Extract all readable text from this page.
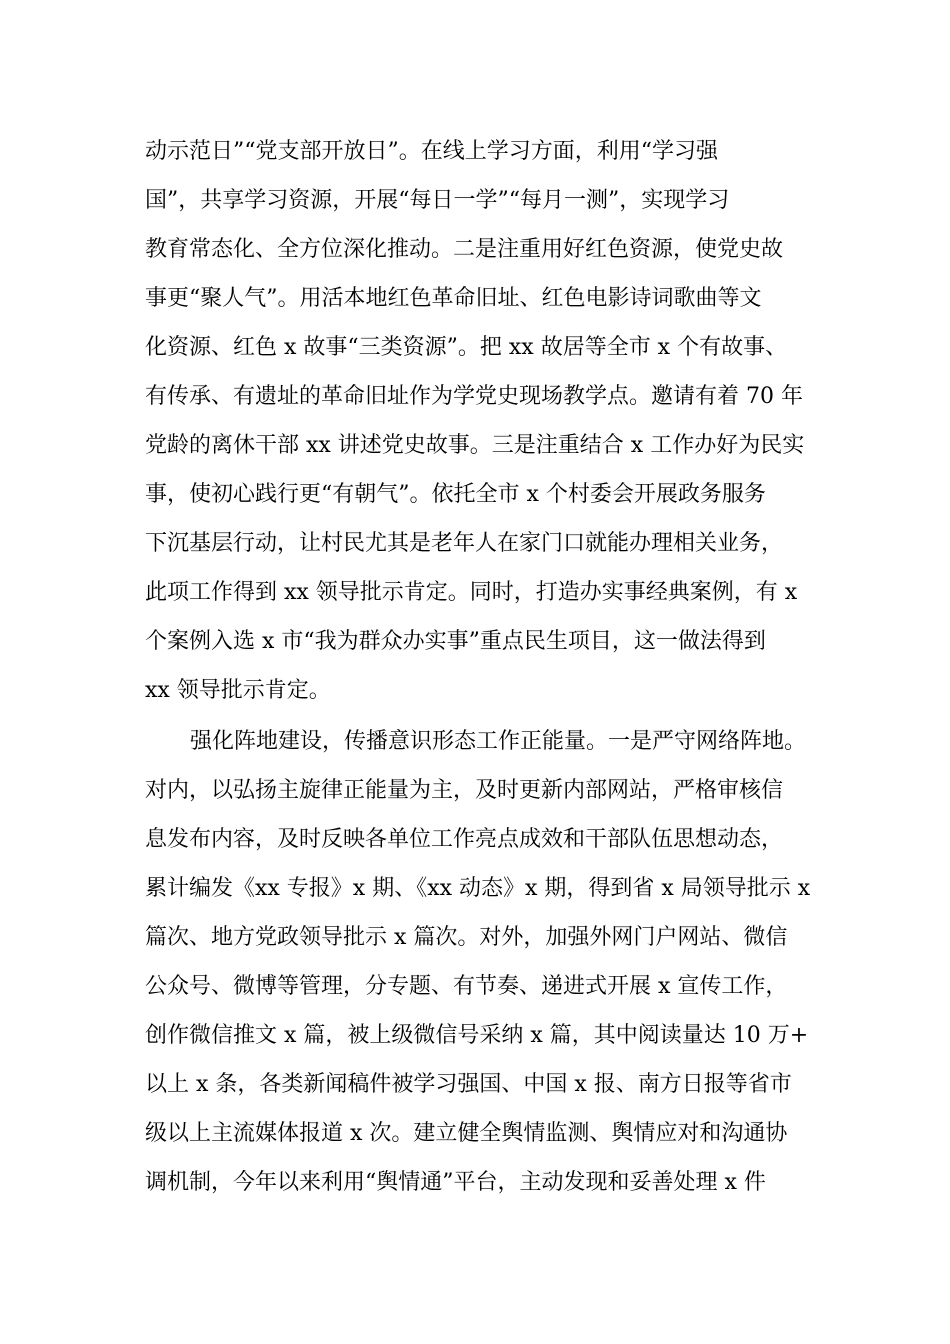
动示范日”“党支部开放日”。在线上学习方面，利用“学习强
国”，共享学习资源，开展“每日一学”“每月一测”，实现学习
教育常态化、全方位深化推动。二是注重用好红色资源，使党史故
事更“聚人气”。用活本地红色革命旧址、红色电影诗词歌曲等文
化资源、红色 x 故事“三类资源”。把 xx 故居等全市 x 个有故事、
有传承、有遗址的革命旧址作为学党史现场教学点。邀请有着 70 年
党龄的离休干部 xx 讲述党史故事。三是注重结合 x 工作办好为民实
事，使初心践行更“有朝气”。依托全市 x 个村委会开展政务服务
下沉基层行动，让村民尤其是老年人在家门口就能办理相关业务，
此项工作得到 xx 领导批示肯定。同时，打造办实事经典案例，有 x
个案例入选 x 市“我为群众办实事”重点民生项目，这一做法得到
xx 领导批示肯定。
强化阵地建设，传播意识形态工作正能量。一是严守网络阵地。
对内，以弘扬主旋律正能量为主，及时更新内部网站，严格审核信
息发布内容，及时反映各单位工作亮点成效和干部队伍思想动态，
累计编发《xx 专报》x 期、《xx 动态》x 期，得到省 x 局领导批示 x
篇次、地方党政领导批示 x 篇次。对外，加强外网门户网站、微信
公众号、微博等管理，分专题、有节奏、递进式开展 x 宣传工作，
创作微信推文 x 篇，被上级微信号采纳 x 篇，其中阅读量达 10 万+
以上 x 条，各类新闻稿件被学习强国、中国 x 报、南方日报等省市
级以上主流媒体报道 x 次。建立健全舆情监测、舆情应对和沟通协
调机制，今年以来利用“舆情通”平台，主动发现和妥善处理 x 件
